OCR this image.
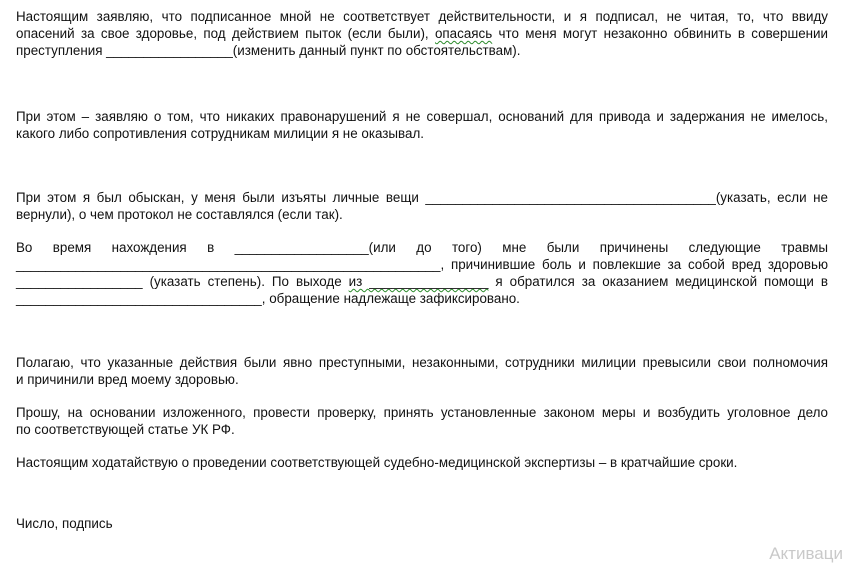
Настоящим заявляю, что подписанное мной не соответствует действительности, и я подписал, не читая, то, что ввиду
опасений за свое здоровье, под действием пыток (если были), опасаясь что меня могут незаконно обвинить в совершении
преступления _________________(изменить данный пункт по обстоятельствам).
При этом – заявляю о том, что никаких правонарушений я не совершал, оснований для привода и задержания не имелось,
какого либо сопротивления сотрудникам милиции я не оказывал.
При этом я был обыскан, у меня были изъяты личные вещи _______________________________________(указать, если не
вернули), о чем протокол не составлялся (если так).
Во время нахождения в __________________(или до того) мне были причинены следующие травмы
_________________________________________________________, причинившие боль и повлекшие за собой вред здоровью
_________________ (указать степень). По выходе из ________________ я обратился за оказанием медицинской помощи в
_________________________________, обращение надлежаще зафиксировано.
Полагаю, что указанные действия были явно преступными, незаконными, сотрудники милиции превысили свои полномочия
и причинили вред моему здоровью.
Прошу, на основании изложенного, провести проверку, принять установленные законом меры и возбудить уголовное дело
по соответствующей статье УК РФ.
Настоящим ходатайствую о проведении соответствующей судебно-медицинской экспертизы – в кратчайшие сроки.
Число, подпись
Активаци
